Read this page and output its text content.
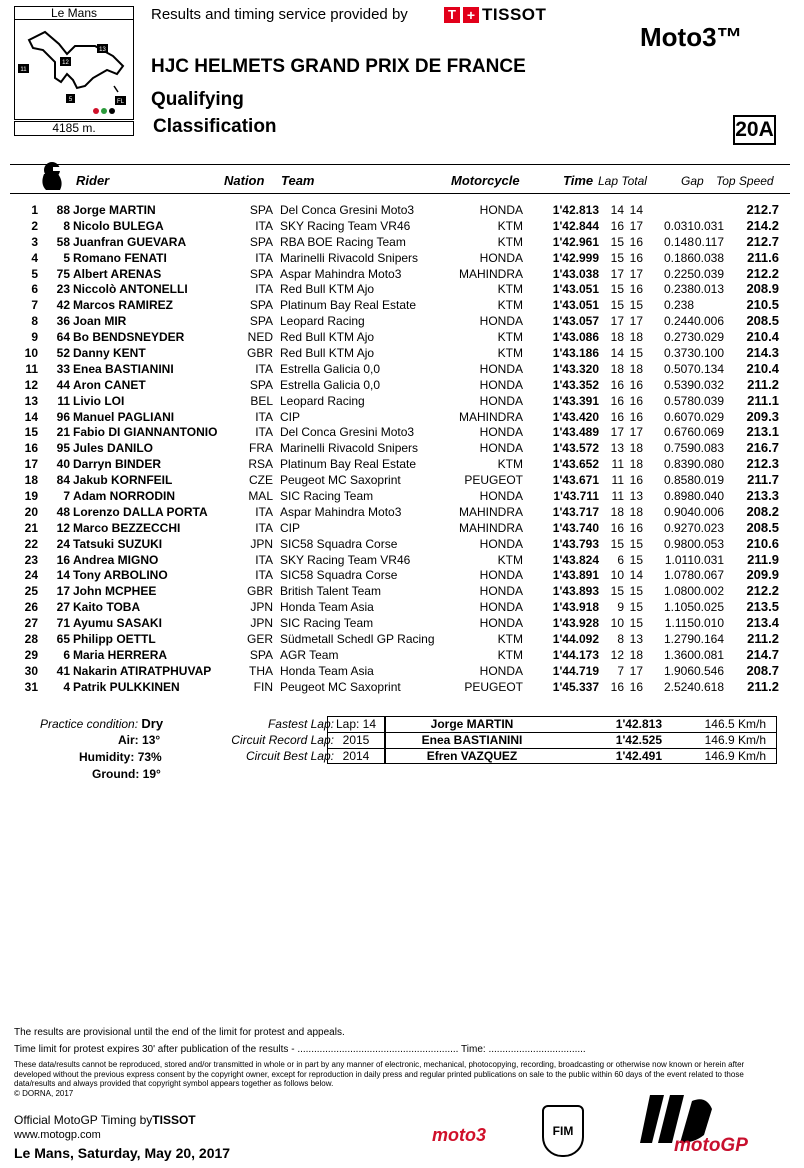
Le Mans
13
12
11
5	FL
4185 m.
Results and timing service provided by	T + TISSOT
Moto3™
HJC HELMETS GRAND PRIX DE FRANCE
Qualifying
Classification	20A
Rider	Nation Team	Motorcycle	Time Lap Total	Gap Top Speed
1 88 Jorge MARTIN	SPA Del Conca Gresini Moto3	HONDA 1'42.813 14 14	212.7
2 8 Nicolo BULEGA	ITA SKY Racing Team VR46	KTM 1'42.844 16 17 0.031 0.031 214.2
3 58 Juanfran GUEVARA	SPA RBA BOE Racing Team	KTM 1'42.961 15 16 0.148 0.117 212.7
4 5 Romano FENATI	ITA Marinelli Rivacold Snipers	HONDA 1'42.999 15 16 0.186 0.038 211.6
5 75 Albert ARENAS	SPA Aspar Mahindra Moto3	MAHINDRA 1'43.038 17 17 0.225 0.039 212.2
6 23 Niccolò ANTONELLI	ITA Red Bull KTM Ajo	KTM 1'43.051 15 16 0.238 0.013 208.9
7 42 Marcos RAMIREZ	SPA Platinum Bay Real Estate	KTM 1'43.051 15 15 0.238	210.5
8 36 Joan MIR	SPA Leopard Racing	HONDA 1'43.057 17 17 0.244 0.006 208.5
9 64 Bo BENDSNEYDER	NED Red Bull KTM Ajo	KTM 1'43.086 18 18 0.273 0.029 210.4
10 52 Danny KENT	GBR Red Bull KTM Ajo	KTM 1'43.186 14 15 0.373 0.100 214.3
11 33 Enea BASTIANINI	ITA Estrella Galicia 0,0	HONDA 1'43.320 18 18 0.507 0.134 210.4
12 44 Aron CANET	SPA Estrella Galicia 0,0	HONDA 1'43.352 16 16 0.539 0.032 211.2
13 11 Livio LOI	BEL Leopard Racing	HONDA 1'43.391 16 16 0.578 0.039 211.1
14 96 Manuel PAGLIANI	ITA CIP	MAHINDRA 1'43.420 16 16 0.607 0.029 209.3
15 21 Fabio DI GIANNANTONIO	ITA Del Conca Gresini Moto3	HONDA 1'43.489 17 17 0.676 0.069 213.1
16 95 Jules DANILO	FRA Marinelli Rivacold Snipers	HONDA 1'43.572 13 18 0.759 0.083 216.7
17 40 Darryn BINDER	RSA Platinum Bay Real Estate	KTM 1'43.652 11 18 0.839 0.080 212.3
18 84 Jakub KORNFEIL	CZE Peugeot MC Saxoprint	PEUGEOT 1'43.671 11 16 0.858 0.019 211.7
19 7 Adam NORRODIN	MAL SIC Racing Team	HONDA	1'43.711 11 13 0.898 0.040 213.3
20 48 Lorenzo DALLA PORTA	ITA Aspar Mahindra Moto3	MAHINDRA 1'43.717 18 18 0.904 0.006 208.2
21 12 Marco BEZZECCHI	ITA CIP	MAHINDRA 1'43.740 16 16 0.927 0.023 208.5
22 24 Tatsuki SUZUKI	JPN SIC58 Squadra Corse	HONDA 1'43.793 15 15 0.980 0.053 210.6
23 16 Andrea MIGNO	ITA SKY Racing Team VR46	KTM 1'43.824 6 15 1.011 0.031 211.9
24 14 Tony ARBOLINO	ITA SIC58 Squadra Corse	HONDA 1'43.891 10 14 1.078 0.067 209.9
25 17 John MCPHEE	GBR British Talent Team	HONDA 1'43.893 15 15 1.080 0.002 212.2
26 27 Kaito TOBA	JPN Honda Team Asia	HONDA 1'43.918 9 15 1.105 0.025 213.5
27 71 Ayumu SASAKI	JPN SIC Racing Team	HONDA 1'43.928 10 15 1.115 0.010 213.4
28 65 Philipp OETTL	GER Südmetall Schedl GP Racing	KTM 1'44.092 8 13 1.279 0.164 211.2
29 6 Maria HERRERA	SPA AGR Team	KTM 1'44.173 12 18 1.360 0.081 214.7
30 41 Nakarin ATIRATPHUVAP	THA Honda Team Asia	HONDA 1'44.719 7 17 1.906 0.546 208.7
31 4 Patrik PULKKINEN	FIN Peugeot MC Saxoprint	PEUGEOT 1'45.337 16 16 2.524 0.618 211.2
Practice condition: Dry
Air: 13°
Humidity: 73%
Ground: 19°
Fastest Lap: Lap: 14	Jorge MARTIN	1'42.813	146.5 Km/h
Circuit Record Lap: 2015	Enea BASTIANINI	1'42.525	146.9 Km/h
Circuit Best Lap: 2014	Efren VAZQUEZ	1'42.491	146.9 Km/h
The results are provisional until the end of the limit for protest and appeals.
Time limit for protest expires 30' after publication of the results - .......................................................... Time: ...................................
These data/results cannot be reproduced, stored and/or transmitted in whole or in part by any manner of electronic, mechanical, photocopying, recording, broadcasting or otherwise now known or herein after developed without the previous express consent by the copyright owner, except for reproduction in daily press and regular printed publications on sale to the public within 60 days of the event related to those data/results and always provided that copyright symbol appears together as follows below.
© DORNA, 2017
Official MotoGP Timing byTISSOT
www.motogp.com
Le Mans, Saturday, May 20, 2017
moto3	FIM
motoGP
